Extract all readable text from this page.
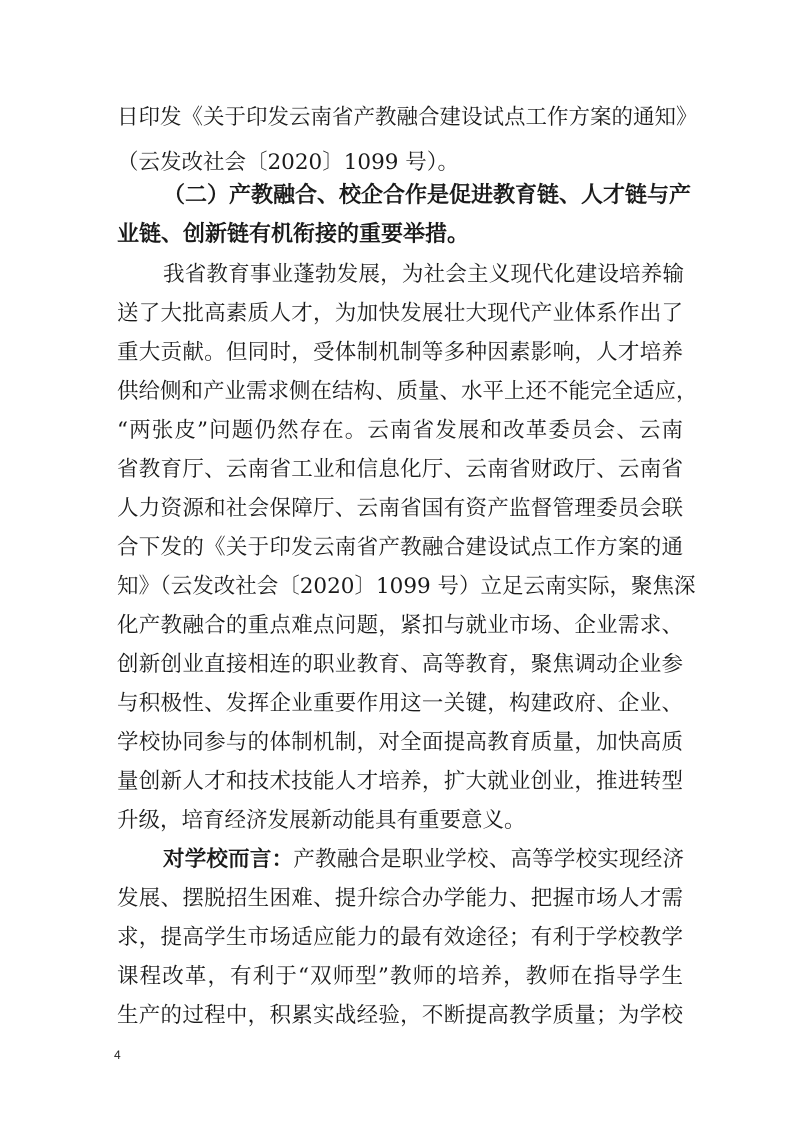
日印发《关于印发云南省产教融合建设试点工作方案的通知》
（云发改社会〔2020〕1099 号）。
（二）产教融合、校企合作是促进教育链、人才链与产
业链、创新链有机衔接的重要举措。
我省教育事业蓬勃发展，为社会主义现代化建设培养输
送了大批高素质人才，为加快发展壮大现代产业体系作出了
重大贡献。但同时，受体制机制等多种因素影响，人才培养
供给侧和产业需求侧在结构、质量、水平上还不能完全适应，
“两张皮”问题仍然存在。云南省发展和改革委员会、云南
省教育厅、云南省工业和信息化厅、云南省财政厅、云南省
人力资源和社会保障厅、云南省国有资产监督管理委员会联
合下发的《关于印发云南省产教融合建设试点工作方案的通
知》（云发改社会〔2020〕1099 号）立足云南实际，聚焦深
化产教融合的重点难点问题，紧扣与就业市场、企业需求、
创新创业直接相连的职业教育、高等教育，聚焦调动企业参
与积极性、发挥企业重要作用这一关键，构建政府、企业、
学校协同参与的体制机制，对全面提高教育质量，加快高质
量创新人才和技术技能人才培养，扩大就业创业，推进转型
升级，培育经济发展新动能具有重要意义。
对学校而言：产教融合是职业学校、高等学校实现经济
发展、摆脱招生困难、提升综合办学能力、把握市场人才需
求，提高学生市场适应能力的最有效途径；有利于学校教学
课程改革，有利于“双师型”教师的培养，教师在指导学生
生产的过程中，积累实战经验，不断提高教学质量；为学校
4
